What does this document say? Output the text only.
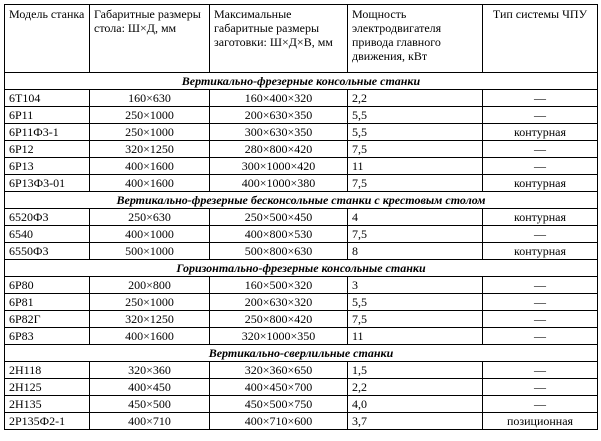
Модель станка	Габаритные размеры стола: Ш×Д, мм	Максимальные габаритные размеры заготовки: Ш×Д×В, мм	Мощность электродвигателя привода главного движения, кВт	Тип системы ЧПУ
Вертикально-фрезерные консольные станки				
6Т104	160×630	160×400×320	2,2	—
6Р11	250×1000	200×630×350	5,5	—
6Р11Ф3-1	250×1000	300×630×350	5,5	контурная
6Р12	320×1250	280×800×420	7,5	—
6Р13	400×1600	300×1000×420	11	—
6Р13Ф3-01	400×1600	400×1000×380	7,5	контурная
Вертикально-фрезерные бесконсольные станки с крестовым столом				
6520Ф3	250×630	250×500×450	4	контурная
6540	400×1000	400×800×530	7,5	—
6550Ф3	500×1000	500×800×630	8	контурная
Горизонтально-фрезерные консольные станки				
6Р80	200×800	160×500×320	3	—
6Р81	250×1000	200×630×320	5,5	—
6Р82Г	320×1250	250×800×420	7,5	—
6Р83	400×1600	320×1000×350	11	—
Вертикально-сверлильные станки				
2Н118	320×360	320×360×650	1,5	—
2Н125	400×450	400×450×700	2,2	—
2Н135	450×500	450×500×750	4,0	—
2Р135Ф2-1	400×710	400×710×600	3,7	позиционная
